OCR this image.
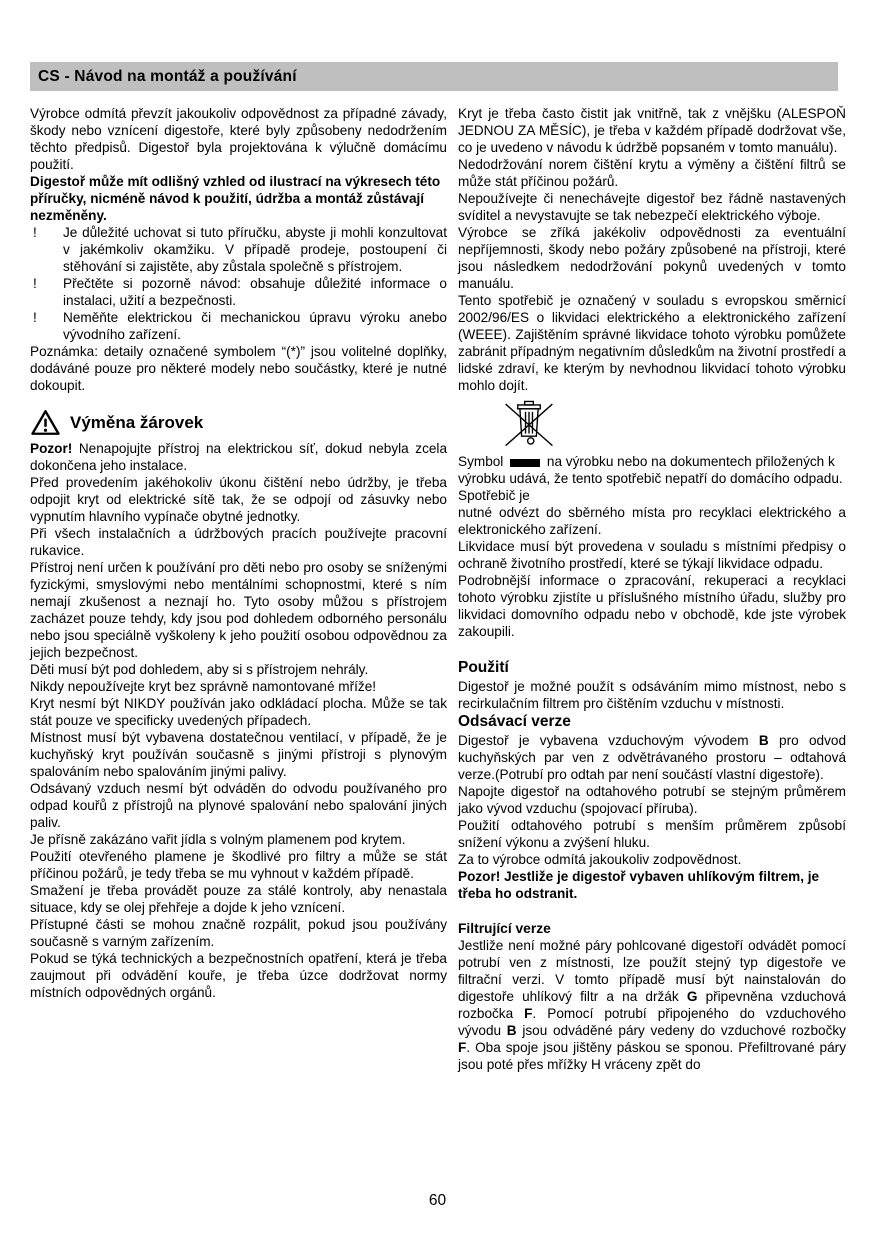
CS - Návod na montáž a používání
Výrobce odmítá převzít jakoukoliv odpovědnost za případné závady, škody nebo vznícení digestoře, které byly způsobeny nedodržením těchto předpisů. Digestoř byla projektována k výlučně domácímu použití.
Digestoř může mít odlišný vzhled od ilustrací na výkresech této příručky, nicméně návod k použití, údržba a montáž zůstávají nezměněny.
! Je důležité uchovat si tuto příručku, abyste ji mohli konzultovat v jakémkoliv okamžiku. V případě prodeje, postoupení či stěhování si zajistěte, aby zůstala společně s přístrojem.
! Přečtěte si pozorně návod: obsahuje důležité informace o instalaci, užití a bezpečnosti.
! Neměňte elektrickou či mechanickou úpravu výroku anebo vývodního zařízení.
Poznámka: detaily označené symbolem “(*)” jsou volitelné doplňky, dodáváné pouze pro některé modely nebo součástky, které je nutné dokoupit.
Výměna žárovek
Pozor! Nenapojujte přístroj na elektrickou síť, dokud nebyla zcela dokončena jeho instalace.
Před provedením jakéhokoliv úkonu čištění nebo údržby, je třeba odpojit kryt od elektrické sítě tak, že se odpojí od zásuvky nebo vypnutím hlavního vypínače obytné jednotky.
Při všech instalačních a údržbových pracích používejte pracovní rukavice.
Přístroj není určen k používání pro děti nebo pro osoby se sníženými fyzickými, smyslovými nebo mentálními schopnostmi, které s ním nemají zkušenost a neznají ho. Tyto osoby můžou s přístrojem zacházet pouze tehdy, kdy jsou pod dohledem odborného personálu nebo jsou speciálně vyškoleny k jeho použití osobou odpovědnou za jejich bezpečnost.
Děti musí být pod dohledem, aby si s přístrojem nehrály.
Nikdy nepoužívejte kryt bez správně namontované mříže!
Kryt nesmí být NIKDY používán jako odkládací plocha. Může se tak stát pouze ve specificky uvedených případech.
Místnost musí být vybavena dostatečnou ventilací, v případě, že je kuchyňský kryt používán současně s jinými přístroji s plynovým spalováním nebo spalováním jinými palivy.
Odsávaný vzduch nesmí být odváděn do odvodu používaného pro odpad kouřů z přístrojů na plynové spalování nebo spalování jiných paliv.
Je přísně zakázáno vařit jídla s volným plamenem pod krytem.
Použití otevřeného plamene je škodlivé pro filtry a může se stát příčinou požárů, je tedy třeba se mu vyhnout v každém případě.
Smažení je třeba provádět pouze za stálé kontroly, aby nenastala situace, kdy se olej přehřeje a dojde k jeho vznícení.
Přístupné části se mohou značně rozpálit, pokud jsou používány současně s varným zařízením.
Pokud se týká technických a bezpečnostních opatření, která je třeba zaujmout při odvádění kouře, je třeba úzce dodržovat normy místních odpovědných orgánů.
Kryt je třeba často čistit jak vnitřně, tak z vnějšku (ALESPOŇ JEDNOU ZA MĚSÍC), je třeba v každém případě dodržovat vše, co je uvedeno v návodu k údržbě popsaném v tomto manuálu).
Nedodržování norem čištění krytu a výměny a čištění filtrů se může stát příčinou požárů.
Nepoužívejte či nenechávejte digestoř bez řádně nastavených svíditel a nevystavujte se tak nebezpečí elektrického výboje.
Výrobce se zříká jakékoliv odpovědnosti za eventuální nepříjemnosti, škody nebo požáry způsobené na přístroji, které jsou následkem nedodržování pokynů uvedených v tomto manuálu.
Tento spotřebič je označený v souladu s evropskou směrnicí 2002/96/ES o likvidaci elektrického a elektronického zařízení (WEEE). Zajištěním správné likvidace tohoto výrobku pomůžete zabránit případným negativním důsledkům na životní prostředí a lidské zdraví, ke kterým by nevhodnou likvidací tohoto výrobku mohlo dojít.
Symbol	na výrobku nebo na dokumentech přiložených k výrobku udává, že tento spotřebič nepatří do domácího odpadu. Spotřebič je
nutné odvézt do sběrného místa pro recyklaci elektrického a elektronického zařízení.
Likvidace musí být provedena v souladu s místními předpisy o ochraně životního prostředí, které se týkají likvidace odpadu.
Podrobnější informace o zpracování, rekuperaci a recyklaci tohoto výrobku zjistíte u příslušného místního úřadu, služby pro likvidaci domovního odpadu nebo v obchodě, kde jste výrobek zakoupili.
Použití
Digestoř je možné použít s odsáváním mimo místnost, nebo s recirkulačním filtrem pro čištěním vzduchu v místnosti.
Odsávací verze
Digestoř je vybavena vzduchovým vývodem B pro odvod kuchyňských par ven z odvětrávaného prostoru – odtahová verze.(Potrubí pro odtah par není součástí vlastní digestoře).
Napojte digestoř na odtahového potrubí se stejným průměrem jako vývod vzduchu (spojovací příruba).
Použití odtahového potrubí s menším průměrem způsobí snížení výkonu a zvýšení hluku.
Za to výrobce odmítá jakoukoliv zodpovědnost.
Pozor! Jestliže je digestoř vybaven uhlíkovým filtrem, je třeba ho odstranit.
Filtrující verze
Jestliže není možné páry pohlcované digestoří odvádět pomocí potrubí ven z místnosti, lze použít stejný typ digestoře ve filtrační verzi. V tomto případě musí být nainstalován do digestoře uhlíkový filtr a na držák G připevněna vzduchová rozbočka F. Pomocí potrubí připojeného do vzduchového vývodu B jsou odváděné páry vedeny do vzduchové rozbočky F. Oba spoje jsou jištěny páskou se sponou. Přefiltrované páry jsou poté přes mřížky H vráceny zpět do
60
